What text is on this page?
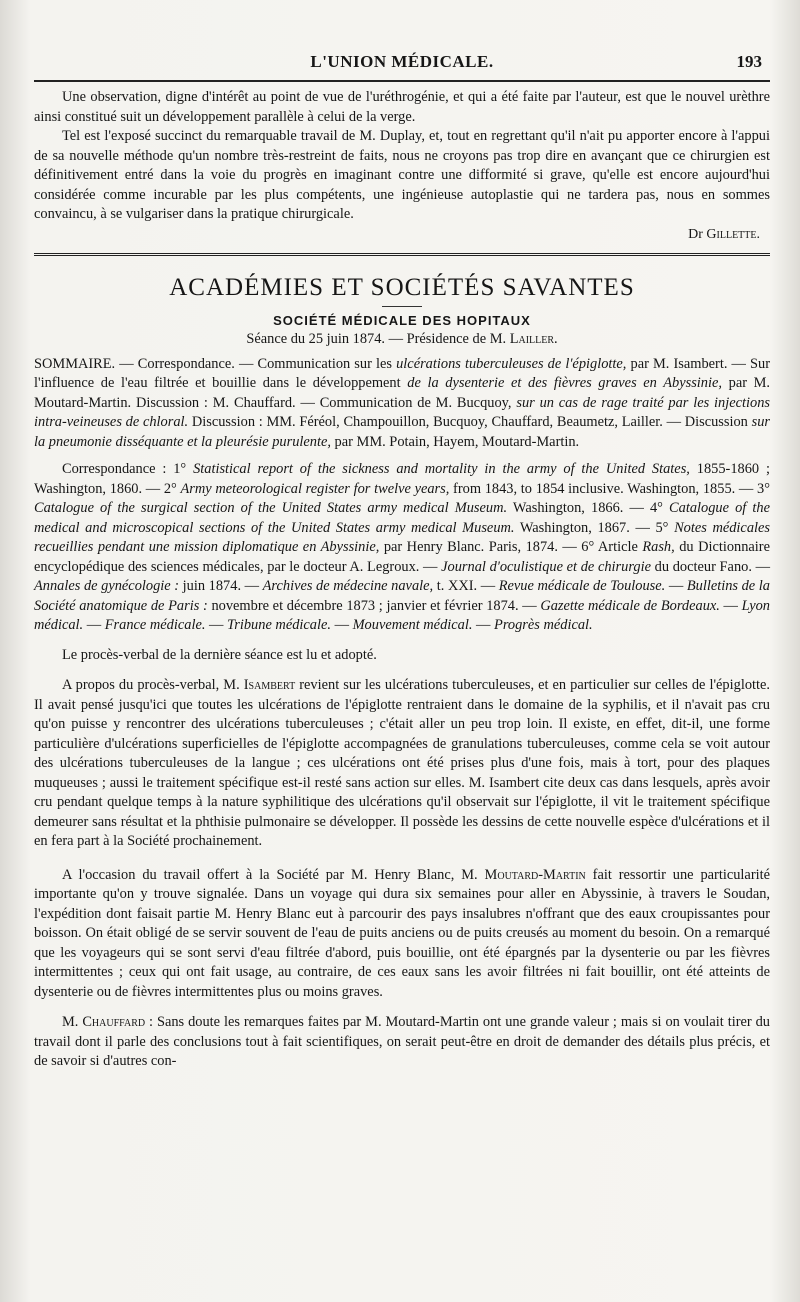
L'UNION MÉDICALE.	193

Une observation, digne d'intérêt au point de vue de l'uréthrogénie, et qui a été faite par l'auteur, est que le nouvel urèthre ainsi constitué suit un développement parallèle à celui de la verge.

Tel est l'exposé succinct du remarquable travail de M. Duplay, et, tout en regrettant qu'il n'ait pu apporter encore à l'appui de sa nouvelle méthode qu'un nombre très-restreint de faits, nous ne croyons pas trop dire en avançant que ce chirurgien est définitivement entré dans la voie du progrès en imaginant contre une difformité si grave, qu'elle est encore aujourd'hui considérée comme incurable par les plus compétents, une ingénieuse autoplastie qui ne tardera pas, nous en sommes convaincu, à se vulgariser dans la pratique chirurgicale.

Dr Gillette.
ACADÉMIES ET SOCIÉTÉS SAVANTES
SOCIÉTÉ MÉDICALE DES HOPITAUX
Séance du 25 juin 1874. — Présidence de M. Lailler.

SOMMAIRE. — Correspondance. — Communication sur les ulcérations tuberculeuses de l'épiglotte, par M. Isambert. — Sur l'influence de l'eau filtrée et bouillie dans le développement de la dysenterie et des fièvres graves en Abyssinie, par M. Moutard-Martin. Discussion : M. Chauffard. — Communication de M. Bucquoy, sur un cas de rage traité par les injections intra-veineuses de chloral. Discussion : MM. Féréol, Champouillon, Bucquoy, Chauffard, Beaumetz, Lailler. — Discussion sur la pneumonie disséquante et la pleurésie purulente, par MM. Potain, Hayem, Moutard-Martin.

Correspondance : 1° Statistical report of the sickness and mortality in the army of the United States, 1855-1860 ; Washington, 1860. — 2° Army meteorological register for twelve years, from 1843, to 1854 inclusive. Washington, 1855. — 3° Catalogue of the surgical section of the United States army medical Museum. Washington, 1866. — 4° Catalogue of the medical and microscopical sections of the United States army medical Museum. Washington, 1867. — 5° Notes médicales recueillies pendant une mission diplomatique en Abyssinie, par Henry Blanc. Paris, 1874. — 6° Article Rash, du Dictionnaire encyclopédique des sciences médicales, par le docteur A. Legroux. — Journal d'oculistique et de chirurgie du docteur Fano. — Annales de gynécologie : juin 1874. — Archives de médecine navale, t. XXI. — Revue médicale de Toulouse. — Bulletins de la Société anatomique de Paris : novembre et décembre 1873 ; janvier et février 1874. — Gazette médicale de Bordeaux. — Lyon médical. — France médicale. — Tribune médicale. — Mouvement médical. — Progrès médical.

Le procès-verbal de la dernière séance est lu et adopté.

A propos du procès-verbal, M. Isambert revient sur les ulcérations tuberculeuses, et en particulier sur celles de l'épiglotte. Il avait pensé jusqu'ici que toutes les ulcérations de l'épiglotte rentraient dans le domaine de la syphilis, et il n'avait pas cru qu'on puisse y rencontrer des ulcérations tuberculeuses ; c'était aller un peu trop loin. Il existe, en effet, dit-il, une forme particulière d'ulcérations superficielles de l'épiglotte accompagnées de granulations tuberculeuses, comme cela se voit autour des ulcérations tuberculeuses de la langue ; ces ulcérations ont été prises plus d'une fois, mais à tort, pour des plaques muqueuses ; aussi le traitement spécifique est-il resté sans action sur elles. M. Isambert cite deux cas dans lesquels, après avoir cru pendant quelque temps à la nature syphilitique des ulcérations qu'il observait sur l'épiglotte, il vit le traitement spécifique demeurer sans résultat et la phthisie pulmonaire se développer. Il possède les dessins de cette nouvelle espèce d'ulcérations et il en fera part à la Société prochainement.

A l'occasion du travail offert à la Société par M. Henry Blanc, M. Moutard-Martin fait ressortir une particularité importante qu'on y trouve signalée. Dans un voyage qui dura six semaines pour aller en Abyssinie, à travers le Soudan, l'expédition dont faisait partie M. Henry Blanc eut à parcourir des pays insalubres n'offrant que des eaux croupissantes pour boisson. On était obligé de se servir souvent de l'eau de puits anciens ou de puits creusés au moment du besoin. On a remarqué que les voyageurs qui se sont servi d'eau filtrée d'abord, puis bouillie, ont été épargnés par la dysenterie ou par les fièvres intermittentes ; ceux qui ont fait usage, au contraire, de ces eaux sans les avoir filtrées ni fait bouillir, ont été atteints de dysenterie ou de fièvres intermittentes plus ou moins graves.

M. Chauffard : Sans doute les remarques faites par M. Moutard-Martin ont une grande valeur ; mais si on voulait tirer du travail dont il parle des conclusions tout à fait scientifiques, on serait peut-être en droit de demander des détails plus précis, et de savoir si d'autres con-
